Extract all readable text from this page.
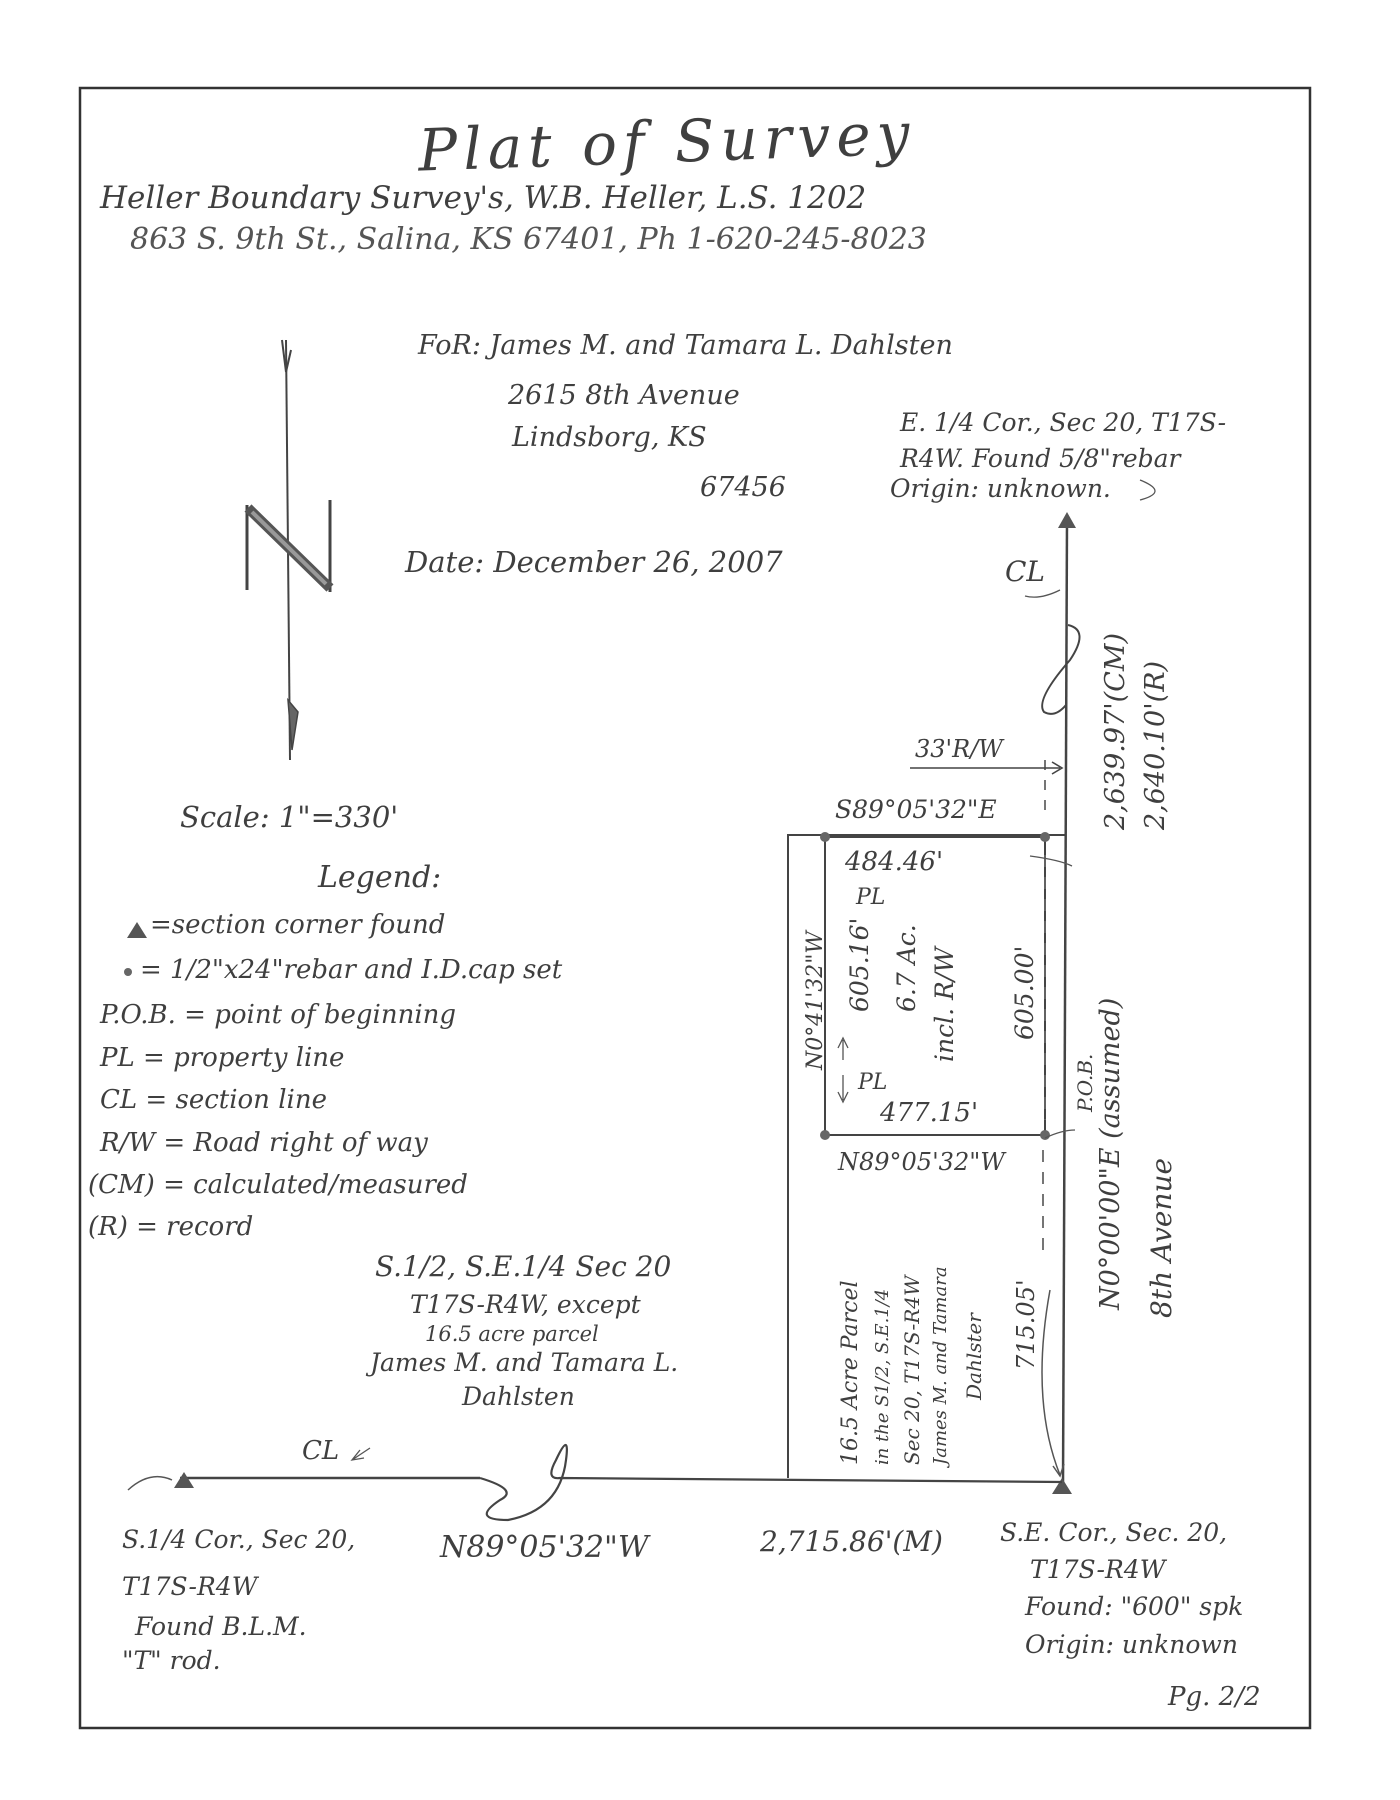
Plat of Survey
Heller Boundary Survey's, W.B. Heller, L.S. 1202
863 S. 9th St., Salina, KS 67401, Ph 1-620-245-8023
FoR: James M. and Tamara L. Dahlsten
2615 8th Avenue
Lindsborg, KS
67456
Date: December 26, 2007
E. 1/4 Cor., Sec 20, T17S-
R4W. Found 5/8"rebar
Origin: unknown.
CL
Scale: 1"=330'
Legend:
=section corner found
= 1/2"x24"rebar and I.D.cap set
P.O.B. = point of beginning
PL = property line
CL = section line
R/W = Road right of way
(CM) = calculated/measured
(R) = record
33'R/W
S89°05'32"E
484.46'
PL
PL
477.15'
N89°05'32"W
N0°41'32"W 605.16' 6.7 Ac. incl. R/W 605.00'
P.O.B.
2,639.97'(CM) 2,640.10'(R)
N0°00'00"E (assumed) 8th Avenue
715.05'
16.5 Acre Parcel in the S1/2, S.E.1/4 Sec 20, T17S-R4W James M. and Tamara Dahlster
S.1/2, S.E.1/4 Sec 20
T17S-R4W, except
16.5 acre parcel
James M. and Tamara L.
Dahlsten
CL
N89°05'32"W	2,715.86'(M)
S.1/4 Cor., Sec 20,
T17S-R4W
Found B.L.M.
"T" rod.
S.E. Cor., Sec. 20,
T17S-R4W
Found: "600" spk
Origin: unknown
Pg. 2/2
